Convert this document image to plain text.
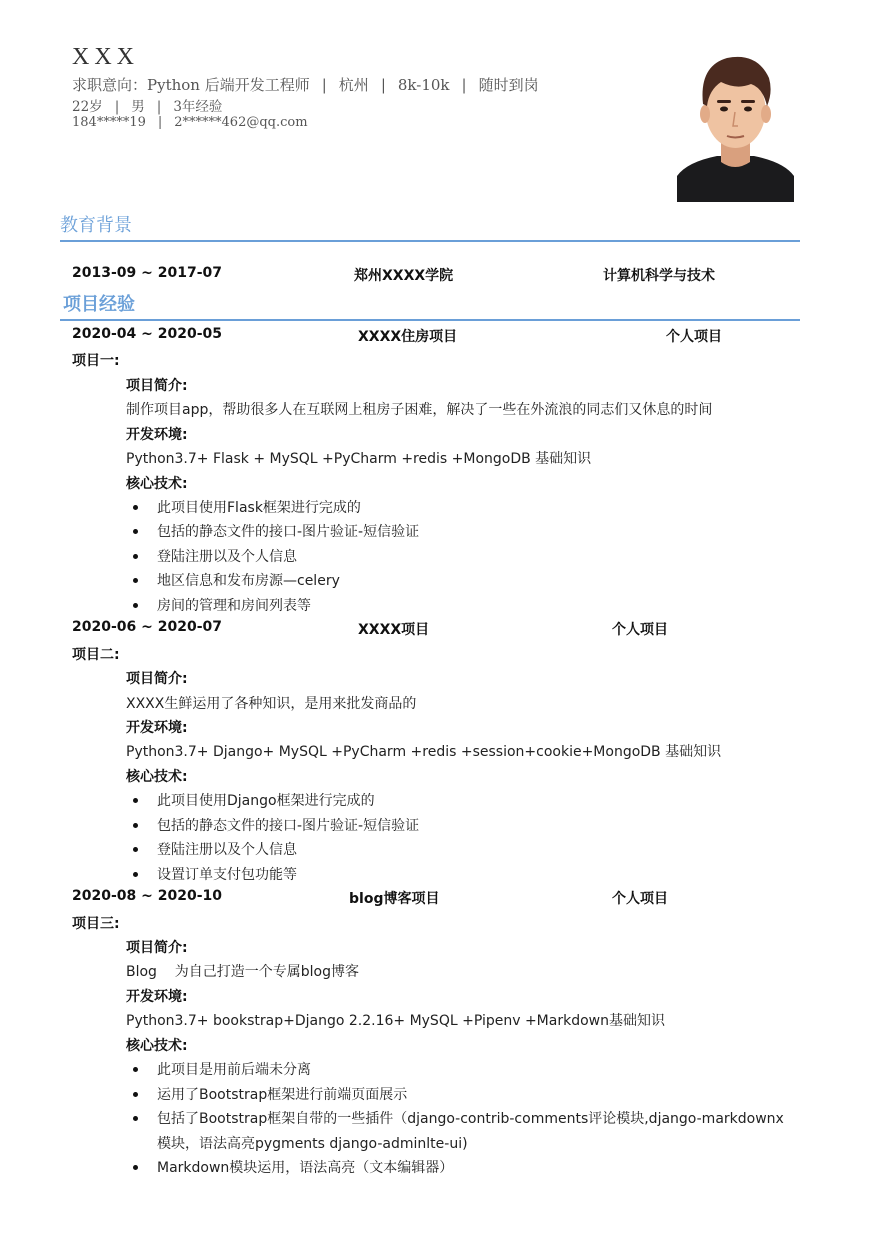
XXX
求职意向：Python 后端开发工程师 | 杭州 | 8k-10k | 随时到岗
22岁 | 男 | 3年经验
184*****19 | 2******462@qq.com
教育背景
2013-09 ~ 2017-07	郑州XXXX学院	计算机科学与技术
项目经验
2020-04 ~ 2020-05	XXXX住房项目	个人项目
项目一:
项目简介:
制作项目app，帮助很多人在互联网上租房子困难，解决了一些在外流浪的同志们又休息的时间
开发环境:
Python3.7+ Flask + MySQL +PyCharm +redis +MongoDB 基础知识
核心技术:
此项目使用Flask框架进行完成的
包括的静态文件的接口-图片验证-短信验证
登陆注册以及个人信息
地区信息和发布房源—celery
房间的管理和房间列表等
2020-06 ~ 2020-07	XXXX项目	个人项目
项目二:
项目简介:
XXXX生鲜运用了各种知识，是用来批发商品的
开发环境:
Python3.7+ Django+ MySQL +PyCharm +redis +session+cookie+MongoDB 基础知识
核心技术:
此项目使用Django框架进行完成的
包括的静态文件的接口-图片验证-短信验证
登陆注册以及个人信息
设置订单支付包功能等
2020-08 ~ 2020-10	blog博客项目	个人项目
项目三:
项目简介:
Blog    为自己打造一个专属blog博客
开发环境:
Python3.7+ bookstrap+Django 2.2.16+ MySQL +Pipenv +Markdown基础知识
核心技术:
此项目是用前后端未分离
运用了Bootstrap框架进行前端页面展示
包括了Bootstrap框架自带的一些插件（django-contrib-comments评论模块,django-markdownx
模块，语法高亮pygments django-adminlte-ui)
Markdown模块运用，语法高亮（文本编辑器）
